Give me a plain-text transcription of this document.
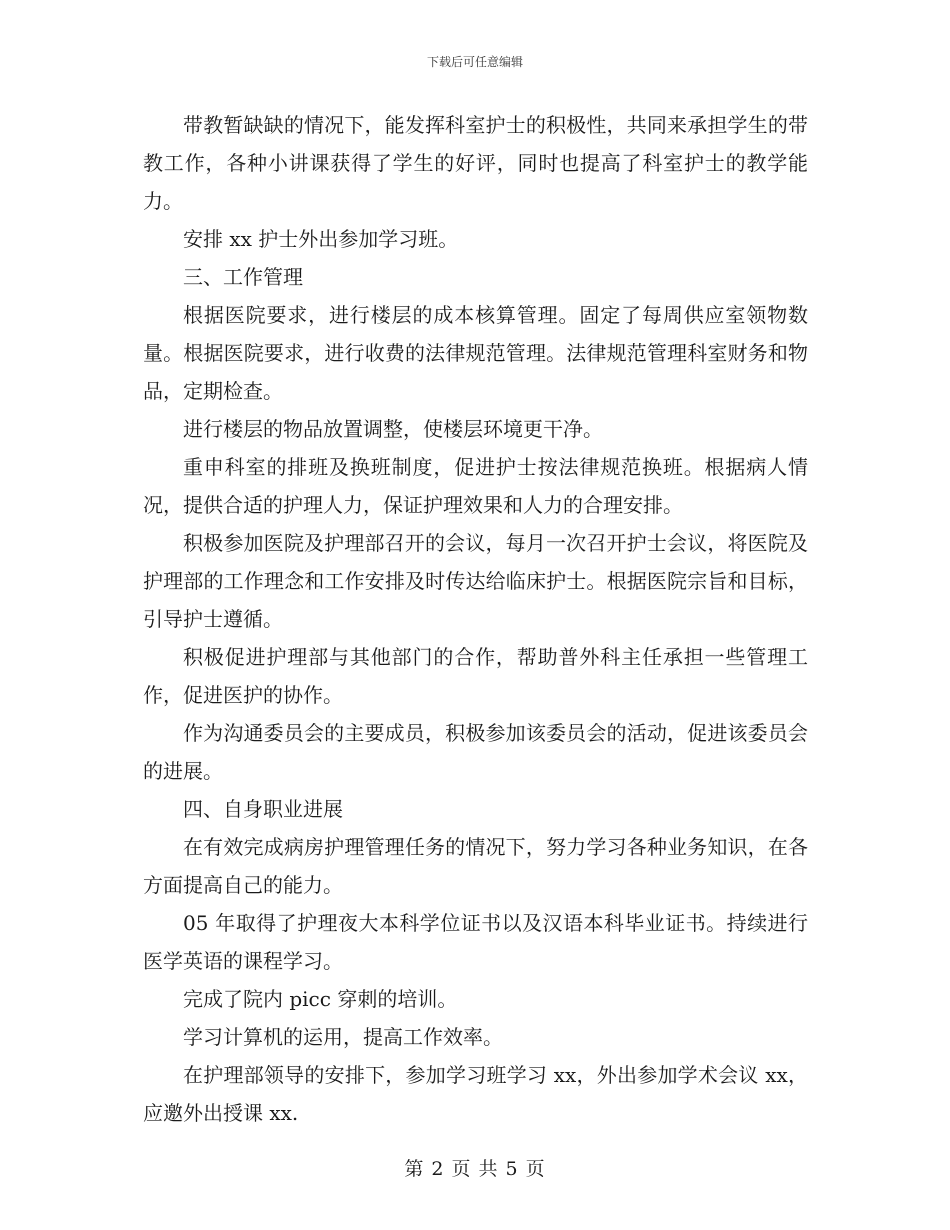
下载后可任意编辑

带教暂缺缺的情况下，能发挥科室护士的积极性，共同来承担学生的带教工作，各种小讲课获得了学生的好评，同时也提高了科室护士的教学能力。

安排 xx 护士外出参加学习班。

三、工作管理

根据医院要求，进行楼层的成本核算管理。固定了每周供应室领物数量。根据医院要求，进行收费的法律规范管理。法律规范管理科室财务和物品，定期检查。

进行楼层的物品放置调整，使楼层环境更干净。

重申科室的排班及换班制度，促进护士按法律规范换班。根据病人情况，提供合适的护理人力，保证护理效果和人力的合理安排。

积极参加医院及护理部召开的会议，每月一次召开护士会议，将医院及护理部的工作理念和工作安排及时传达给临床护士。根据医院宗旨和目标，引导护士遵循。

积极促进护理部与其他部门的合作，帮助普外科主任承担一些管理工作，促进医护的协作。

作为沟通委员会的主要成员，积极参加该委员会的活动，促进该委员会的进展。

四、自身职业进展

在有效完成病房护理管理任务的情况下，努力学习各种业务知识，在各方面提高自己的能力。

05 年取得了护理夜大本科学位证书以及汉语本科毕业证书。持续进行医学英语的课程学习。

完成了院内 picc 穿刺的培训。

学习计算机的运用，提高工作效率。

在护理部领导的安排下，参加学习班学习 xx，外出参加学术会议 xx，应邀外出授课 xx.

第 2 页 共 5 页
